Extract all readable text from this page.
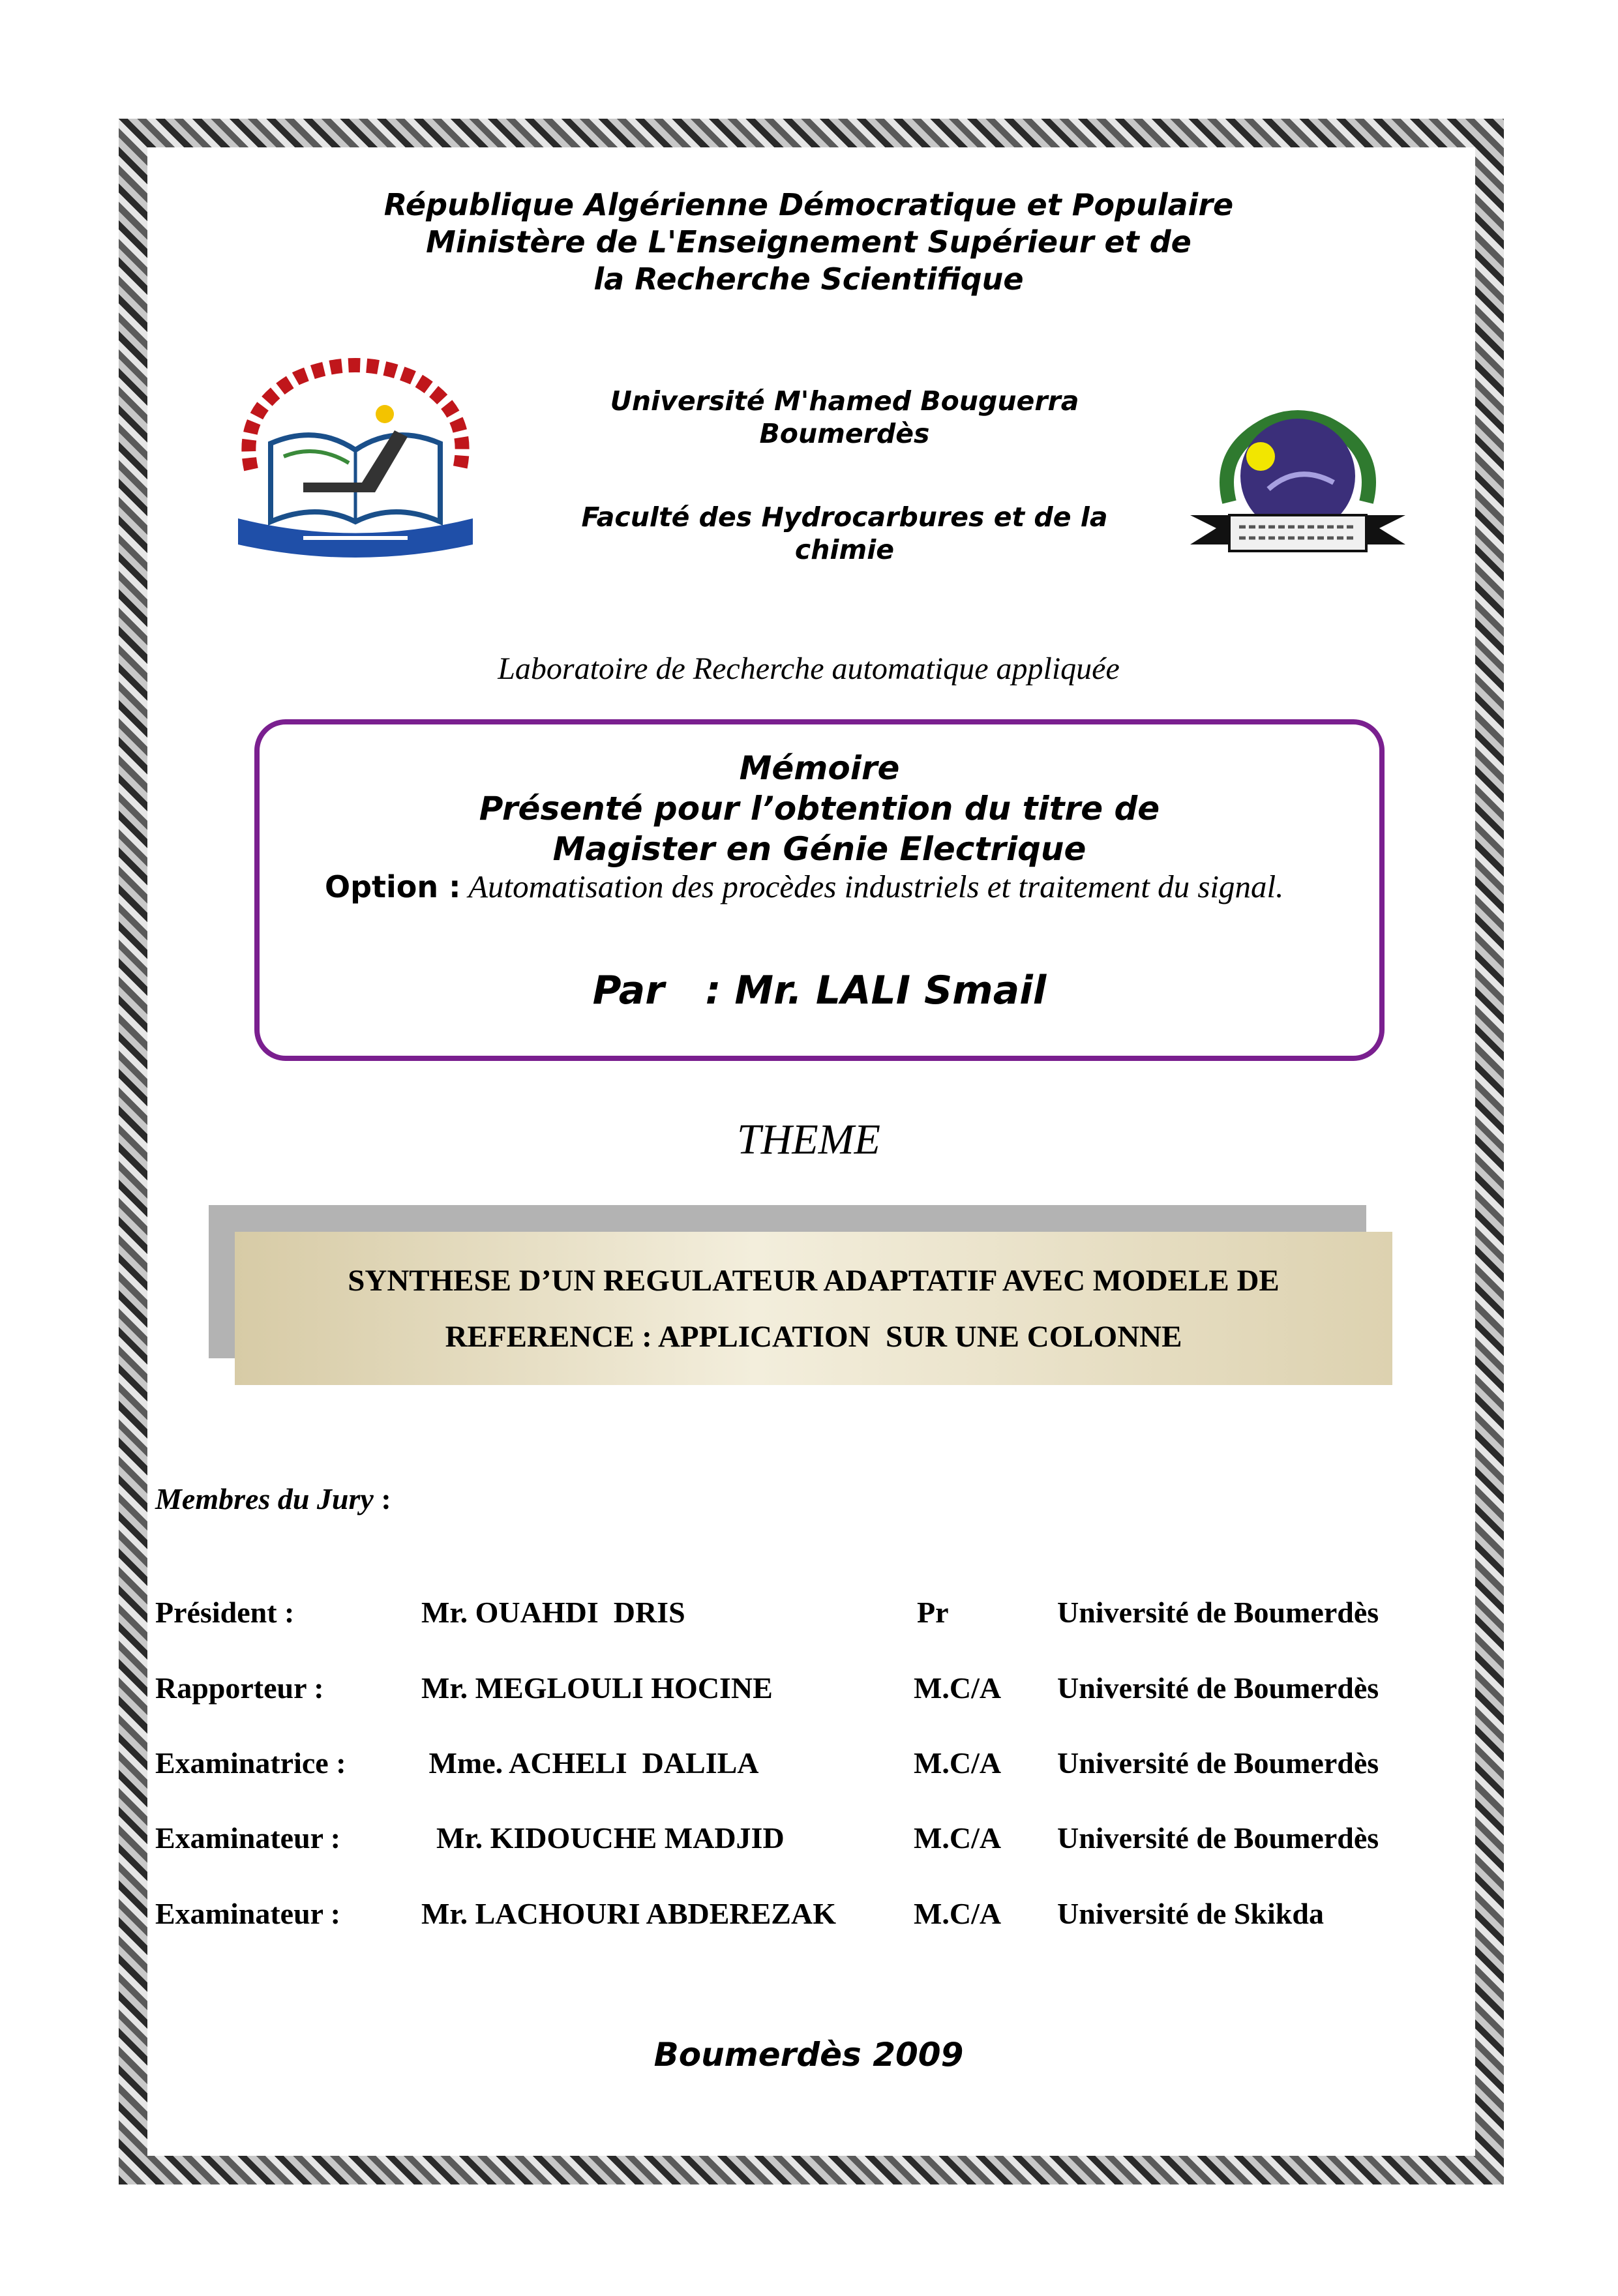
République Algérienne Démocratique et Populaire
Ministère de L'Enseignement Supérieur et de
la Recherche Scientifique
Université M'hamed Bouguerra
Boumerdès
Faculté des Hydrocarbures et de la
chimie
Laboratoire de Recherche automatique appliquée
Mémoire
Présenté pour l’obtention du titre de
Magister en Génie Electrique
Option : Automatisation des procèdes industriels et traitement du signal.
Par   : Mr. LALI Smail
THEME
SYNTHESE D’UN REGULATEUR ADAPTATIF AVEC MODELE DE
REFERENCE : APPLICATION  SUR UNE COLONNE
Membres du Jury :
Président :	Mr. OUAHDI  DRIS	Pr	Université de Boumerdès
Rapporteur :	Mr. MEGLOULI HOCINE	M.C/A Université de Boumerdès
Examinatrice :	Mme. ACHELI  DALILA	M.C/A Université de Boumerdès
Examinateur :	Mr. KIDOUCHE MADJID	M.C/A Université de Boumerdès
Examinateur :	Mr. LACHOURI ABDEREZAK	M.C/A Université de Skikda
Boumerdès 2009
